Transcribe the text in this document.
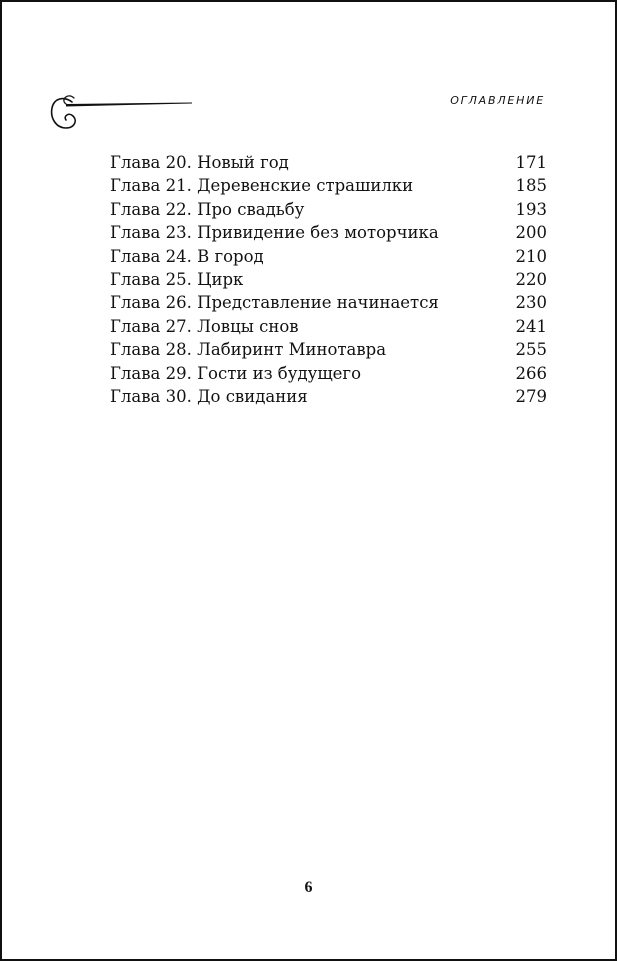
ОГЛАВЛЕНИЕ
Глава 20. Новый год	171
Глава 21. Деревенские страшилки	185
Глава 22. Про свадьбу	193
Глава 23. Привидение без моторчика	200
Глава 24. В город	210
Глава 25. Цирк	220
Глава 26. Представление начинается	230
Глава 27. Ловцы снов	241
Глава 28. Лабиринт Минотавра	255
Глава 29. Гости из будущего	266
Глава 30. До свидания	279
6
